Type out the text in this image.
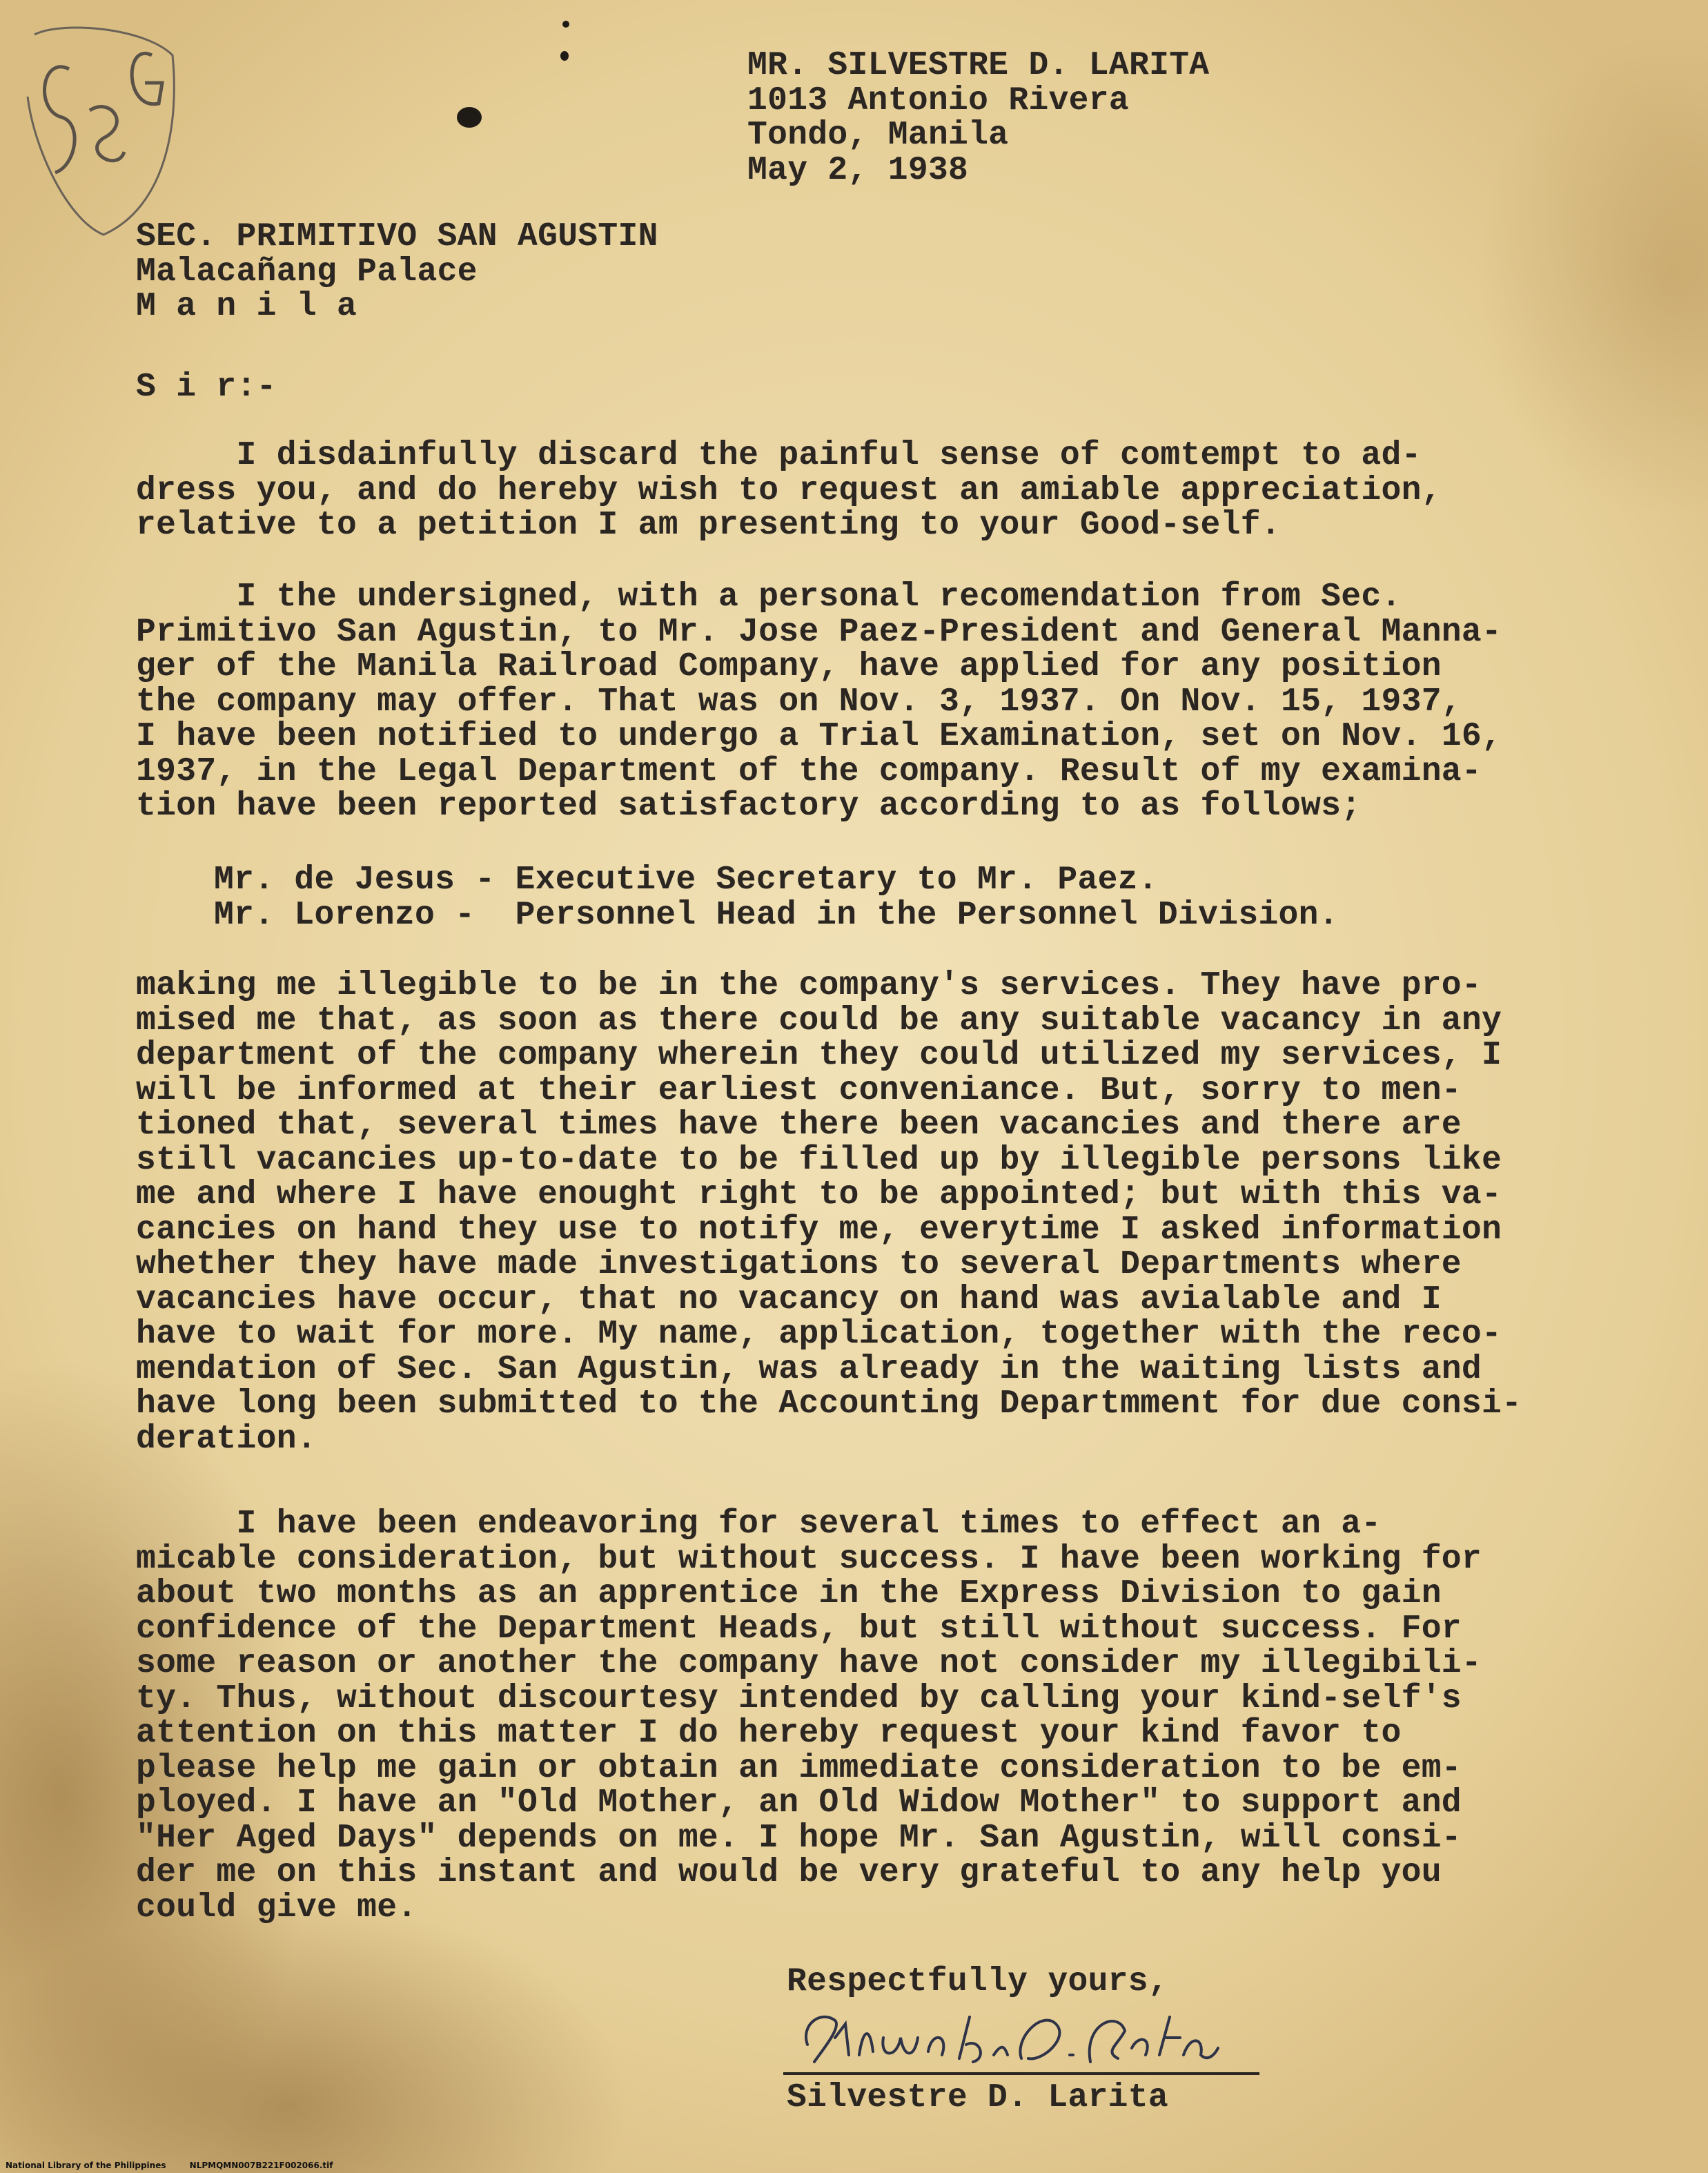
MR. SILVESTRE D. LARITA
1013 Antonio Rivera
Tondo, Manila
May 2, 1938
SEC. PRIMITIVO SAN AGUSTIN
Malacañang Palace
M a n i l a
S i r:-
I disdainfully discard the painful sense of comtempt to ad-
dress you, and do hereby wish to request an amiable appreciation,
relative to a petition I am presenting to your Good-self.
I the undersigned, with a personal recomendation from Sec.
Primitivo San Agustin, to Mr. Jose Paez-President and General Manna-
ger of the Manila Railroad Company, have applied for any position
the company may offer. That was on Nov. 3, 1937. On Nov. 15, 1937,
I have been notified to undergo a Trial Examination, set on Nov. 16,
1937, in the Legal Department of the company. Result of my examina-
tion have been reported satisfactory according to as follows;
Mr. de Jesus - Executive Secretary to Mr. Paez.
Mr. Lorenzo -  Personnel Head in the Personnel Division.
making me illegible to be in the company's services. They have pro-
mised me that, as soon as there could be any suitable vacancy in any
department of the company wherein they could utilized my services, I
will be informed at their earliest conveniance. But, sorry to men-
tioned that, several times have there been vacancies and there are
still vacancies up-to-date to be filled up by illegible persons like
me and where I have enought right to be appointed; but with this va-
cancies on hand they use to notify me, everytime I asked information
whether they have made investigations to several Departments where
vacancies have occur, that no vacancy on hand was avialable and I
have to wait for more. My name, application, together with the reco-
mendation of Sec. San Agustin, was already in the waiting lists and
have long been submitted to the Accounting Departmment for due consi-
deration.
I have been endeavoring for several times to effect an a-
micable consideration, but without success. I have been working for
about two months as an apprentice in the Express Division to gain
confidence of the Department Heads, but still without success. For
some reason or another the company have not consider my illegibili-
ty. Thus, without discourtesy intended by calling your kind-self's
attention on this matter I do hereby request your kind favor to
please help me gain or obtain an immediate consideration to be em-
ployed. I have an "Old Mother, an Old Widow Mother" to support and
"Her Aged Days" depends on me. I hope Mr. San Agustin, will consi-
der me on this instant and would be very grateful to any help you
could give me.
Respectfully yours,
Silvestre D. Larita
National Library of the Philippines	NLPMQMN007B221F002066.tif
